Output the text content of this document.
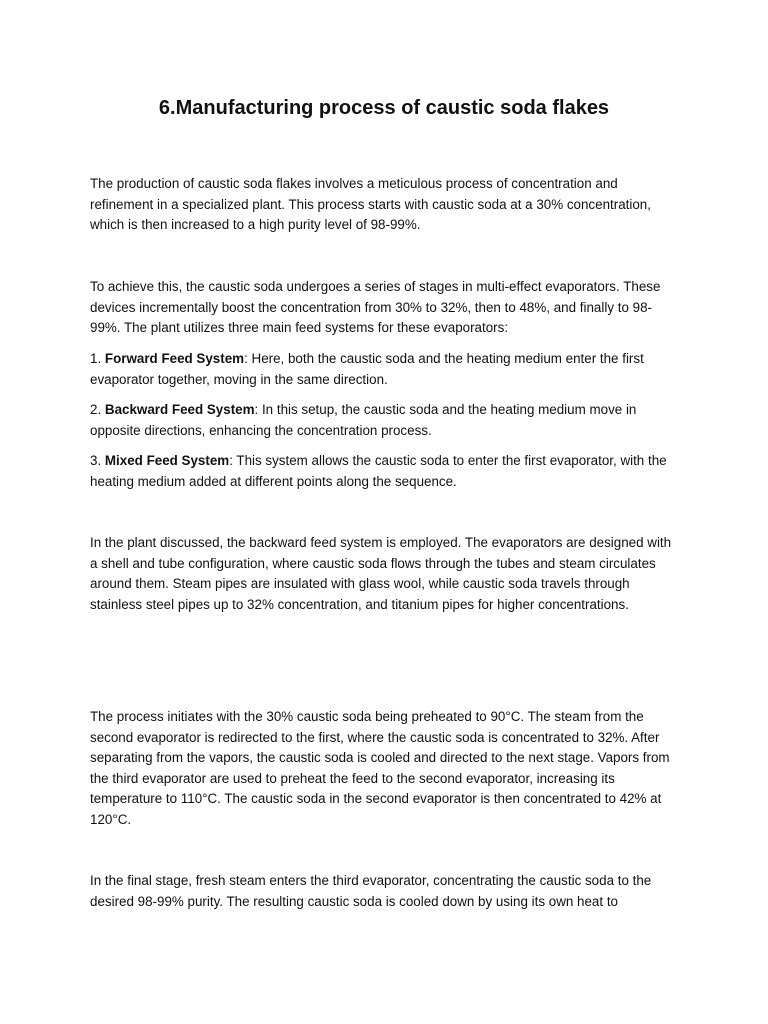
6.Manufacturing process of caustic soda flakes

The production of caustic soda flakes involves a meticulous process of concentration and refinement in a specialized plant. This process starts with caustic soda at a 30% concentration, which is then increased to a high purity level of 98-99%.

To achieve this, the caustic soda undergoes a series of stages in multi-effect evaporators. These devices incrementally boost the concentration from 30% to 32%, then to 48%, and finally to 98-99%. The plant utilizes three main feed systems for these evaporators:

1. Forward Feed System: Here, both the caustic soda and the heating medium enter the first evaporator together, moving in the same direction.

2. Backward Feed System: In this setup, the caustic soda and the heating medium move in opposite directions, enhancing the concentration process.

3. Mixed Feed System: This system allows the caustic soda to enter the first evaporator, with the heating medium added at different points along the sequence.

In the plant discussed, the backward feed system is employed. The evaporators are designed with a shell and tube configuration, where caustic soda flows through the tubes and steam circulates around them. Steam pipes are insulated with glass wool, while caustic soda travels through stainless steel pipes up to 32% concentration, and titanium pipes for higher concentrations.

The process initiates with the 30% caustic soda being preheated to 90°C. The steam from the second evaporator is redirected to the first, where the caustic soda is concentrated to 32%. After separating from the vapors, the caustic soda is cooled and directed to the next stage. Vapors from the third evaporator are used to preheat the feed to the second evaporator, increasing its temperature to 110°C. The caustic soda in the second evaporator is then concentrated to 42% at 120°C.

In the final stage, fresh steam enters the third evaporator, concentrating the caustic soda to the desired 98-99% purity. The resulting caustic soda is cooled down by using its own heat to
